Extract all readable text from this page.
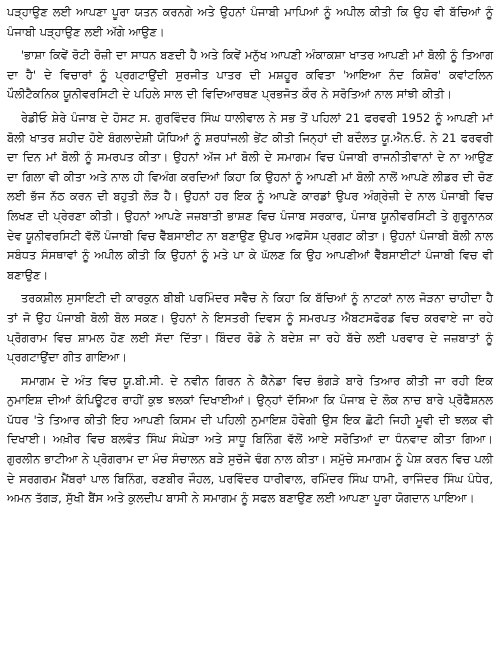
ਪੜ੍ਹਾਉਣ ਲਈ ਆਪਣਾ ਪੂਰਾ ਯਤਨ ਕਰਨਗੇ ਅਤੇ ਉਹਨਾਂ ਪੰਜਾਬੀ ਮਾਪਿਆਂ ਨੂੰ ਅਪੀਲ ਕੀਤੀ ਕਿ ਉਹ ਵੀ ਬੱਚਿਆਂ ਨੂੰ ਪੰਜਾਬੀ ਪੜ੍ਹਾਉਣ ਲਈ ਅੱਗੇ ਆਉਣ।

'ਭਾਸ਼ਾ ਕਿਵੇਂ ਰੋਟੀ ਰੋਜ਼ੀ ਦਾ ਸਾਧਨ ਬਣਦੀ ਹੈ ਅਤੇ ਕਿਵੇਂ ਮਨੁੱਖ ਆਪਣੀ ਅੰਕਾਕਸ਼ਾ ਖਾਤਰ ਆਪਣੀ ਮਾਂ ਬੋਲੀ ਨੂੰ ਤਿਆਗ ਦਾ ਹੈ' ਦੇ ਵਿਚਾਰਾਂ ਨੂੰ ਪ੍ਰਗਟਾਉਂਦੀ ਸੁਰਜੀਤ ਪਾਤਰ ਦੀ ਮਸ਼ਹੂਰ ਕਵਿਤਾ 'ਆਇਆ ਨੰਦ ਕਿਸ਼ੋਰ' ਕਵਾਂਟਲਿਨ ਪੌਲੀਟੈਕਨਿਕ ਯੂਨੀਵਰਸਿਟੀ ਦੇ ਪਹਿਲੇ ਸਾਲ ਦੀ ਵਿਦਿਆਰਥਣ ਪ੍ਰਭਜੋਤ ਕੌਰ ਨੇ ਸਰੋਤਿਆਂ ਨਾਲ ਸਾਂਝੀ ਕੀਤੀ।

ਰੇਡੀਓ ਸ਼ੇਰੇ ਪੰਜਾਬ ਦੇ ਹੋਸਟ ਸ. ਗੁਰਵਿੰਦਰ ਸਿੰਘ ਧਾਲੀਵਾਲ ਨੇ ਸਭ ਤੋਂ ਪਹਿਲਾਂ 21 ਫਰਵਰੀ 1952 ਨੂੰ ਆਪਣੀ ਮਾਂ ਬੋਲੀ ਖਾਤਰ ਸ਼ਹੀਦ ਹੋਏ ਬੰਗਲਾਦੇਸ਼ੀ ਯੋਧਿਆਂ ਨੂੰ ਸ਼ਰਧਾਂਜਲੀ ਭੇਂਟ ਕੀਤੀ ਜਿਨ੍ਹਾਂ ਦੀ ਬਦੌਲਤ ਯੂ.ਐਨ.ਓ. ਨੇ 21 ਫਰਵਰੀ ਦਾ ਦਿਨ ਮਾਂ ਬੋਲੀ ਨੂੰ ਸਮਰਪਤ ਕੀਤਾ। ਉਹਨਾਂ ਅੱਜ ਮਾਂ ਬੋਲੀ ਦੇ ਸਮਾਗਮ ਵਿਚ ਪੰਜਾਬੀ ਰਾਜਨੀਤੀਵਾਨਾਂ ਦੇ ਨਾ ਆਉਣ ਦਾ ਗਿਲਾ ਵੀ ਕੀਤਾ ਅਤੇ ਨਾਲ ਹੀ ਵਿਅੰਗ ਕਰਦਿਆਂ ਕਿਹਾ ਕਿ ਉਹਨਾਂ ਨੂੰ ਆਪਣੀ ਮਾਂ ਬੋਲੀ ਨਾਲੋਂ ਆਪਣੇ ਲੀਡਰ ਦੀ ਚੋਣ ਲਈ ਭੱਜ ਨੱਠ ਕਰਨ ਦੀ ਬਹੁਤੀ ਲੋੜ ਹੈ। ਉਹਨਾਂ ਹਰ ਇਕ ਨੂੰ ਆਪਣੇ ਕਾਰਡਾਂ ਉਪਰ ਅੰਗ੍ਰੇਜ਼ੀ ਦੇ ਨਾਲ ਪੰਜਾਬੀ ਵਿਚ ਲਿਖਣ ਦੀ ਪ੍ਰੇਰਣਾ ਕੀਤੀ। ਉਹਨਾਂ ਆਪਣੇ ਜਜ਼ਬਾਤੀ ਭਾਸ਼ਣ ਵਿਚ ਪੰਜਾਬ ਸਰਕਾਰ, ਪੰਜਾਬ ਯੂਨੀਵਰਸਿਟੀ ਤੇ ਗੁਰੂਨਾਨਕ ਦੇਵ ਯੂਨੀਵਰਸਿਟੀ ਵੱਲੋਂ ਪੰਜਾਬੀ ਵਿਚ ਵੈੱਬਸਾਈਟ ਨਾ ਬਣਾਉਣ ਉਪਰ ਅਫਸੋਸ ਪ੍ਰਗਟ ਕੀਤਾ। ਉਹਨਾਂ ਪੰਜਾਬੀ ਬੋਲੀ ਨਾਲ ਸਬੰਧਤ ਸੰਸਥਾਵਾਂ ਨੂੰ ਅਪੀਲ ਕੀਤੀ ਕਿ ਉਹਨਾਂ ਨੂੰ ਮਤੇ ਪਾ ਕੇ ਘੱਲਣ ਕਿ ਉਹ ਆਪਣੀਆਂ ਵੈੱਬਸਾਈਟਾਂ ਪੰਜਾਬੀ ਵਿਚ ਵੀ ਬਣਾਉਣ।

ਤਰਕਸ਼ੀਲ ਸੁਸਾਇਟੀ ਦੀ ਕਾਰਕੁਨ ਬੀਬੀ ਪਰਮਿੰਦਰ ਸਵੈਚ ਨੇ ਕਿਹਾ ਕਿ ਬੱਚਿਆਂ ਨੂੰ ਨਾਟਕਾਂ ਨਾਲ ਜੋੜਨਾ ਚਾਹੀਦਾ ਹੈ ਤਾਂ ਜੋ ਉਹ ਪੰਜਾਬੀ ਬੋਲੀ ਬੋਲ ਸਕਣ। ਉਹਨਾਂ ਨੇ ਇਸਤਰੀ ਦਿਵਸ ਨੂੰ ਸਮਰਪਤ ਐਬਟਸਫੋਰਡ ਵਿਚ ਕਰਵਾਏ ਜਾ ਰਹੇ ਪ੍ਰੋਗਰਾਮ ਵਿਚ ਸ਼ਾਮਲ ਹੋਣ ਲਈ ਸੱਦਾ ਦਿੱਤਾ। ਬਿੰਦਰ ਰੋਡੇ ਨੇ ਬਦੇਸ਼ ਜਾ ਰਹੇ ਬੱਚੇ ਲਈ ਪਰਵਾਰ ਦੇ ਜਜ਼ਬਾਤਾਂ ਨੂੰ ਪ੍ਰਗਟਾਉਂਦਾ ਗੀਤ ਗਾਇਆ।

ਸਮਾਗਮ ਦੇ ਅੰਤ ਵਿਚ ਯੂ.ਬੀ.ਸੀ. ਦੇ ਨਵੀਨ ਗਿਰਨ ਨੇ ਕੈਨੇਡਾ ਵਿਚ ਭੰਗੜੇ ਬਾਰੇ ਤਿਆਰ ਕੀਤੀ ਜਾ ਰਹੀ ਇਕ ਨੁਮਾਇਸ਼ ਦੀਆਂ ਕੰਪਿਊਟਰ ਰਾਹੀਂ ਕੁਝ ਝਲਕਾਂ ਦਿਖਾਈਆਂ। ਉਨ੍ਹਾਂ ਦੱਸਿਆ ਕਿ ਪੰਜਾਬ ਦੇ ਲੋਕ ਨਾਚ ਬਾਰੇ ਪ੍ਰੋਫੈਸ਼ਨਲ ਪੱਧਰ 'ਤੇ ਤਿਆਰ ਕੀਤੀ ਇਹ ਆਪਣੀ ਕਿਸਮ ਦੀ ਪਹਿਲੀ ਨੁਮਾਇਸ਼ ਹੋਵੇਗੀ ਉਸ ਇਕ ਛੋਟੀ ਜਿਹੀ ਮੂਵੀ ਦੀ ਝਲਕ ਵੀ ਦਿਖਾਈ। ਅਖ਼ੀਰ ਵਿਚ ਬਲਵੰਤ ਸਿੰਘ ਸੰਘੇੜਾ ਅਤੇ ਸਾਧੂ ਬਿਨਿੰਗ ਵੱਲੋਂ ਆਏ ਸਰੋਤਿਆਂ ਦਾ ਧੰਨਵਾਦ ਕੀਤਾ ਗਿਆ। ਗੁਰਲੀਨ ਭਾਟੀਆ ਨੇ ਪ੍ਰੋਗਰਾਮ ਦਾ ਮੰਚ ਸੰਚਾਲਨ ਬੜੇ ਸੁਚੱਜੇ ਢੰਗ ਨਾਲ ਕੀਤਾ। ਸਮੁੱਚੇ ਸਮਾਗਮ ਨੂੰ ਪੇਸ਼ ਕਰਨ ਵਿਚ ਪਲੀ ਦੇ ਸਰਗਰਮ ਮੈਂਬਰਾਂ ਪਾਲ ਬਿਨਿੰਗ, ਰਣਬੀਰ ਜੌਹਲ, ਪਰਵਿੰਦਰ ਧਾਰੀਵਾਲ, ਰਮਿੰਦਰ ਸਿੰਘ ਧਾਮੀ, ਰਾਜਿੰਦਰ ਸਿੰਘ ਪੰਧੇਰ, ਅਮਨ ਤੱਗੜ, ਸੁੱਖੀ ਬੈਂਸ ਅਤੇ ਕੁਲਦੀਪ ਬਾਸੀ ਨੇ ਸਮਾਗਮ ਨੂੰ ਸਫਲ ਬਣਾਉਣ ਲਈ ਆਪਣਾ ਪੂਰਾ ਯੋਗਦਾਨ ਪਾਇਆ।
